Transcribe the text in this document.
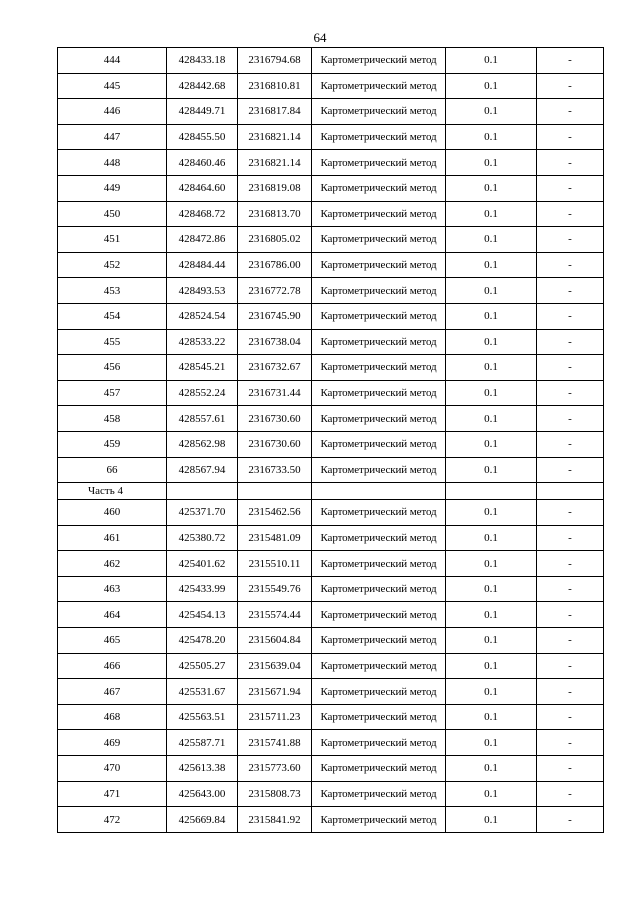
64
444	428433.18	2316794.68	Картометрический метод	0.1	-
445	428442.68	2316810.81	Картометрический метод	0.1	-
446	428449.71	2316817.84	Картометрический метод	0.1	-
447	428455.50	2316821.14	Картометрический метод	0.1	-
448	428460.46	2316821.14	Картометрический метод	0.1	-
449	428464.60	2316819.08	Картометрический метод	0.1	-
450	428468.72	2316813.70	Картометрический метод	0.1	-
451	428472.86	2316805.02	Картометрический метод	0.1	-
452	428484.44	2316786.00	Картометрический метод	0.1	-
453	428493.53	2316772.78	Картометрический метод	0.1	-
454	428524.54	2316745.90	Картометрический метод	0.1	-
455	428533.22	2316738.04	Картометрический метод	0.1	-
456	428545.21	2316732.67	Картометрический метод	0.1	-
457	428552.24	2316731.44	Картометрический метод	0.1	-
458	428557.61	2316730.60	Картометрический метод	0.1	-
459	428562.98	2316730.60	Картометрический метод	0.1	-
66	428567.94	2316733.50	Картометрический метод	0.1	-
Часть 4					
460	425371.70	2315462.56	Картометрический метод	0.1	-
461	425380.72	2315481.09	Картометрический метод	0.1	-
462	425401.62	2315510.11	Картометрический метод	0.1	-
463	425433.99	2315549.76	Картометрический метод	0.1	-
464	425454.13	2315574.44	Картометрический метод	0.1	-
465	425478.20	2315604.84	Картометрический метод	0.1	-
466	425505.27	2315639.04	Картометрический метод	0.1	-
467	425531.67	2315671.94	Картометрический метод	0.1	-
468	425563.51	2315711.23	Картометрический метод	0.1	-
469	425587.71	2315741.88	Картометрический метод	0.1	-
470	425613.38	2315773.60	Картометрический метод	0.1	-
471	425643.00	2315808.73	Картометрический метод	0.1	-
472	425669.84	2315841.92	Картометрический метод	0.1	-
